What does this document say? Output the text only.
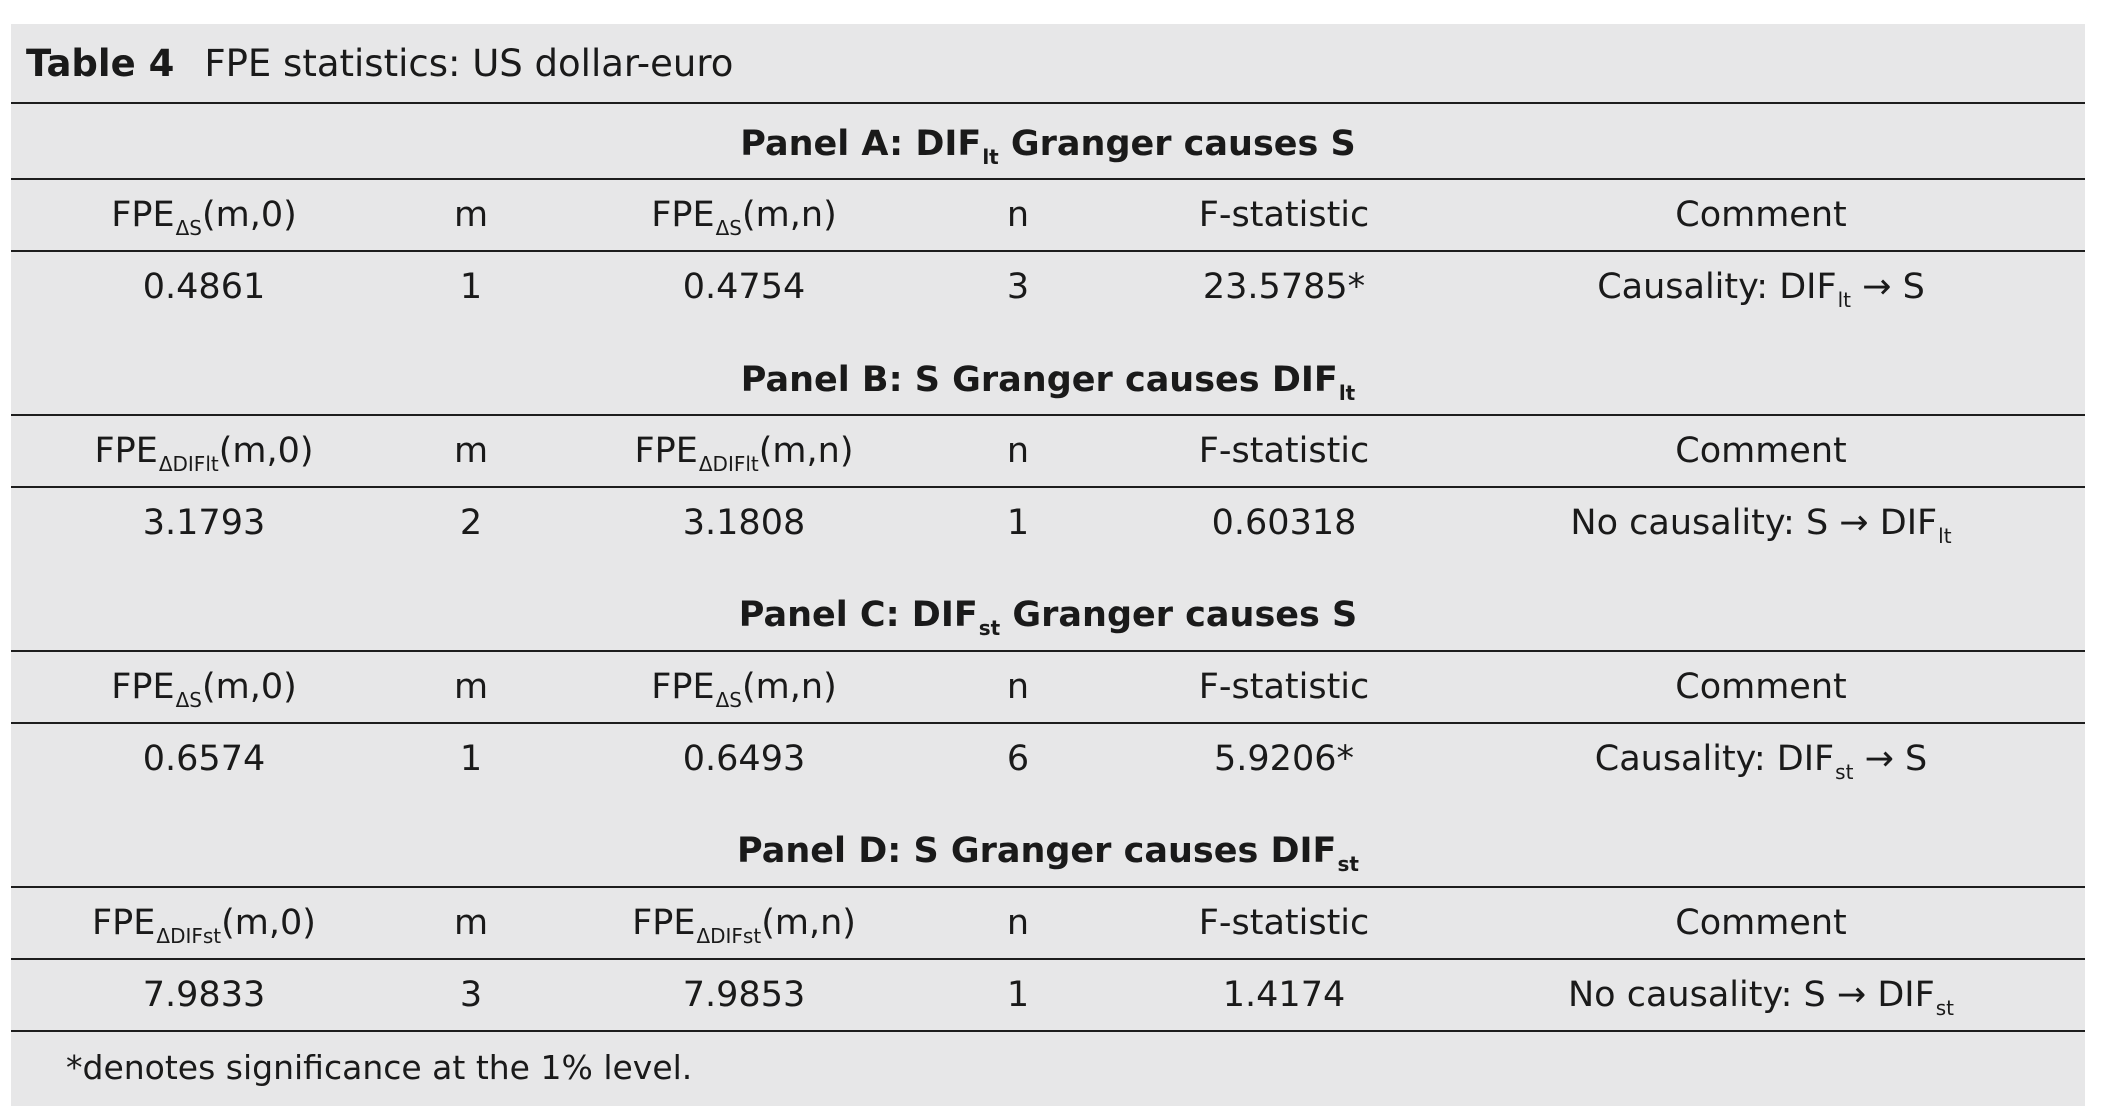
Table 4 FPE statistics: US dollar-euro
Panel A: $DIF_{lt}$ Granger causes S
$FPE_{\Delta S}(m,0)$	m	$FPE_{\Delta S}(m,n)$	n	F-statistic	Comment
0.4861	1	0.4754	3	23.5785*	Causality: $DIF_{lt} \to S$
Panel B: S Granger causes $DIF_{lt}$
$FPE_{\Delta DIFlt}(m,0)$	m	$FPE_{\Delta DIFlt}(m,n)$	n	F-statistic	Comment
3.1793	2	3.1808	1	0.60318	No causality: $S \to DIF_{lt}$
Panel C: $DIF_{st}$ Granger causes S
$FPE_{\Delta S}(m,0)$	m	$FPE_{\Delta S}(m,n)$	n	F-statistic	Comment
0.6574	1	0.6493	6	5.9206*	Causality: $DIF_{st} \to S$
Panel D: S Granger causes $DIF_{st}$
$FPE_{\Delta DIFst}(m,0)$	m	$FPE_{\Delta DIFst}(m,n)$	n	F-statistic	Comment
7.9833	3	7.9853	1	1.4174	No causality: $S \to DIF_{st}$
*denotes significance at the 1% level.
